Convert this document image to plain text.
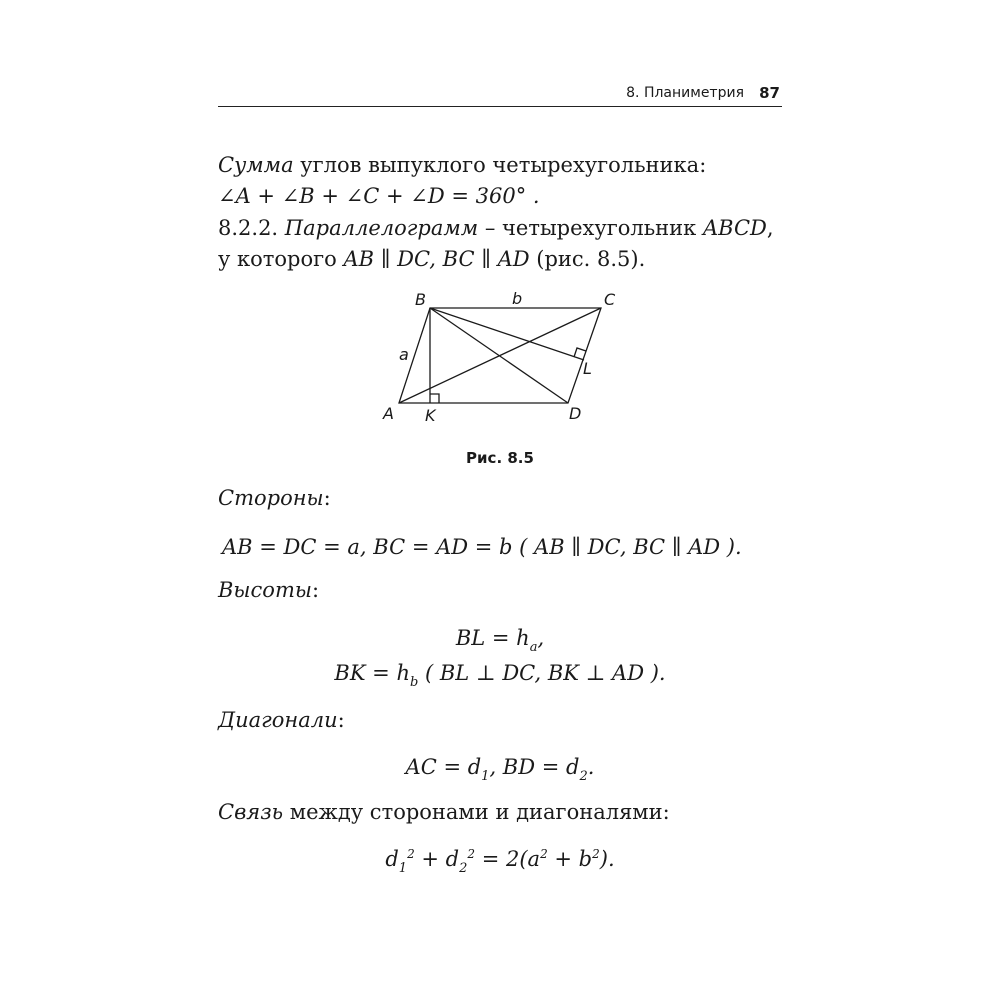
8. Планиметрия 87
Сумма углов выпуклого четырехугольника:
∠A + ∠B + ∠C + ∠D = 360° .
8.2.2. Параллелограмм – четырехугольник ABCD,
у которого AB ∥ DC, BC ∥ AD (рис. 8.5).
B	b	C
a
L
A K	D
Рис. 8.5
Стороны:
AB = DC = a, BC = AD = b ( AB ∥ DC, BC ∥ AD ).
Высоты:
BL = $h_a$,
BK = $h_b$ ( BL ⊥ DC, BK ⊥ AD ).
Диагонали:
AC = $d_1$, BD = $d_2$.
Связь между сторонами и диагоналями:
$d_1^2 + d_2^2 = 2(a^2 + b^2)$.
